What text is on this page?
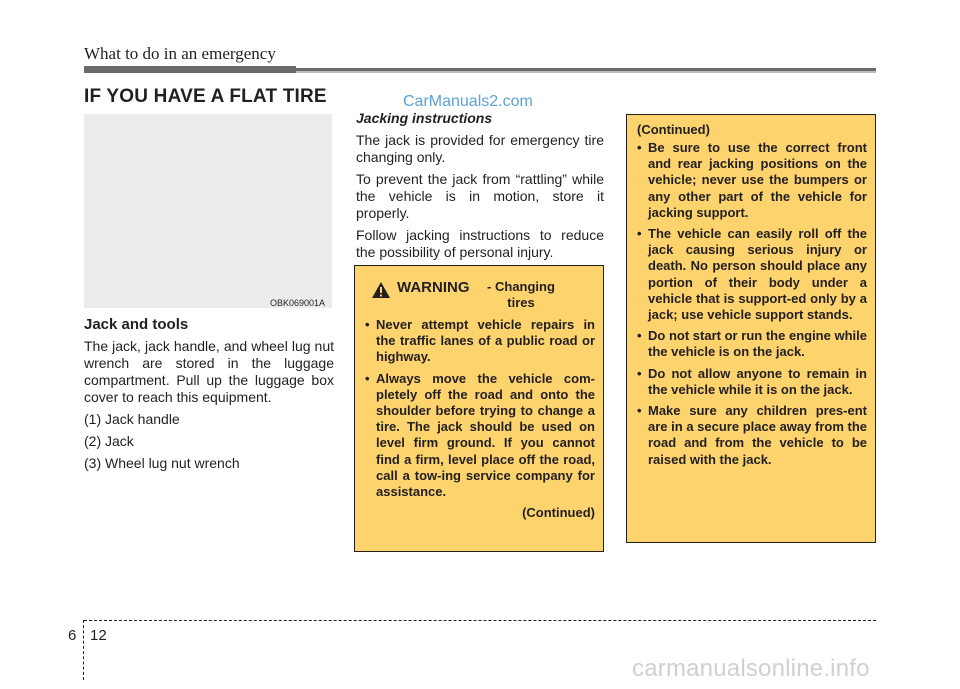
What to do in an emergency
IF YOU HAVE A FLAT TIRE	CarManuals2.com
OBK069001A
Jack and tools

The jack, jack handle, and wheel lug nut wrench are stored in the luggage compartment. Pull up the luggage box cover to reach this equipment.

(1) Jack handle
(2) Jack
(3) Wheel lug nut wrench
Jacking instructions

The jack is provided for emergency tire changing only.

To prevent the jack from “rattling” while the vehicle is in motion, store it properly.

Follow jacking instructions to reduce the possibility of personal injury.

WARNING	- Changing tires
• Never attempt vehicle repairs in the traffic lanes of a public road or highway.
• Always move the vehicle com-pletely off the road and onto the shoulder before trying to change a tire. The jack should be used on level firm ground. If you cannot find a firm, level place off the road, call a tow-ing service company for assistance.
(Continued)
(Continued)
• Be sure to use the correct front and rear jacking positions on the vehicle; never use the bumpers or any other part of the vehicle for jacking support.
• The vehicle can easily roll off the jack causing serious injury or death. No person should place any portion of their body under a vehicle that is support-ed only by a jack; use vehicle support stands.
• Do not start or run the engine while the vehicle is on the jack.
• Do not allow anyone to remain in the vehicle while it is on the jack.
• Make sure any children pres-ent are in a secure place away from the road and from the vehicle to be raised with the jack.
6 12
carmanualsonline.info
